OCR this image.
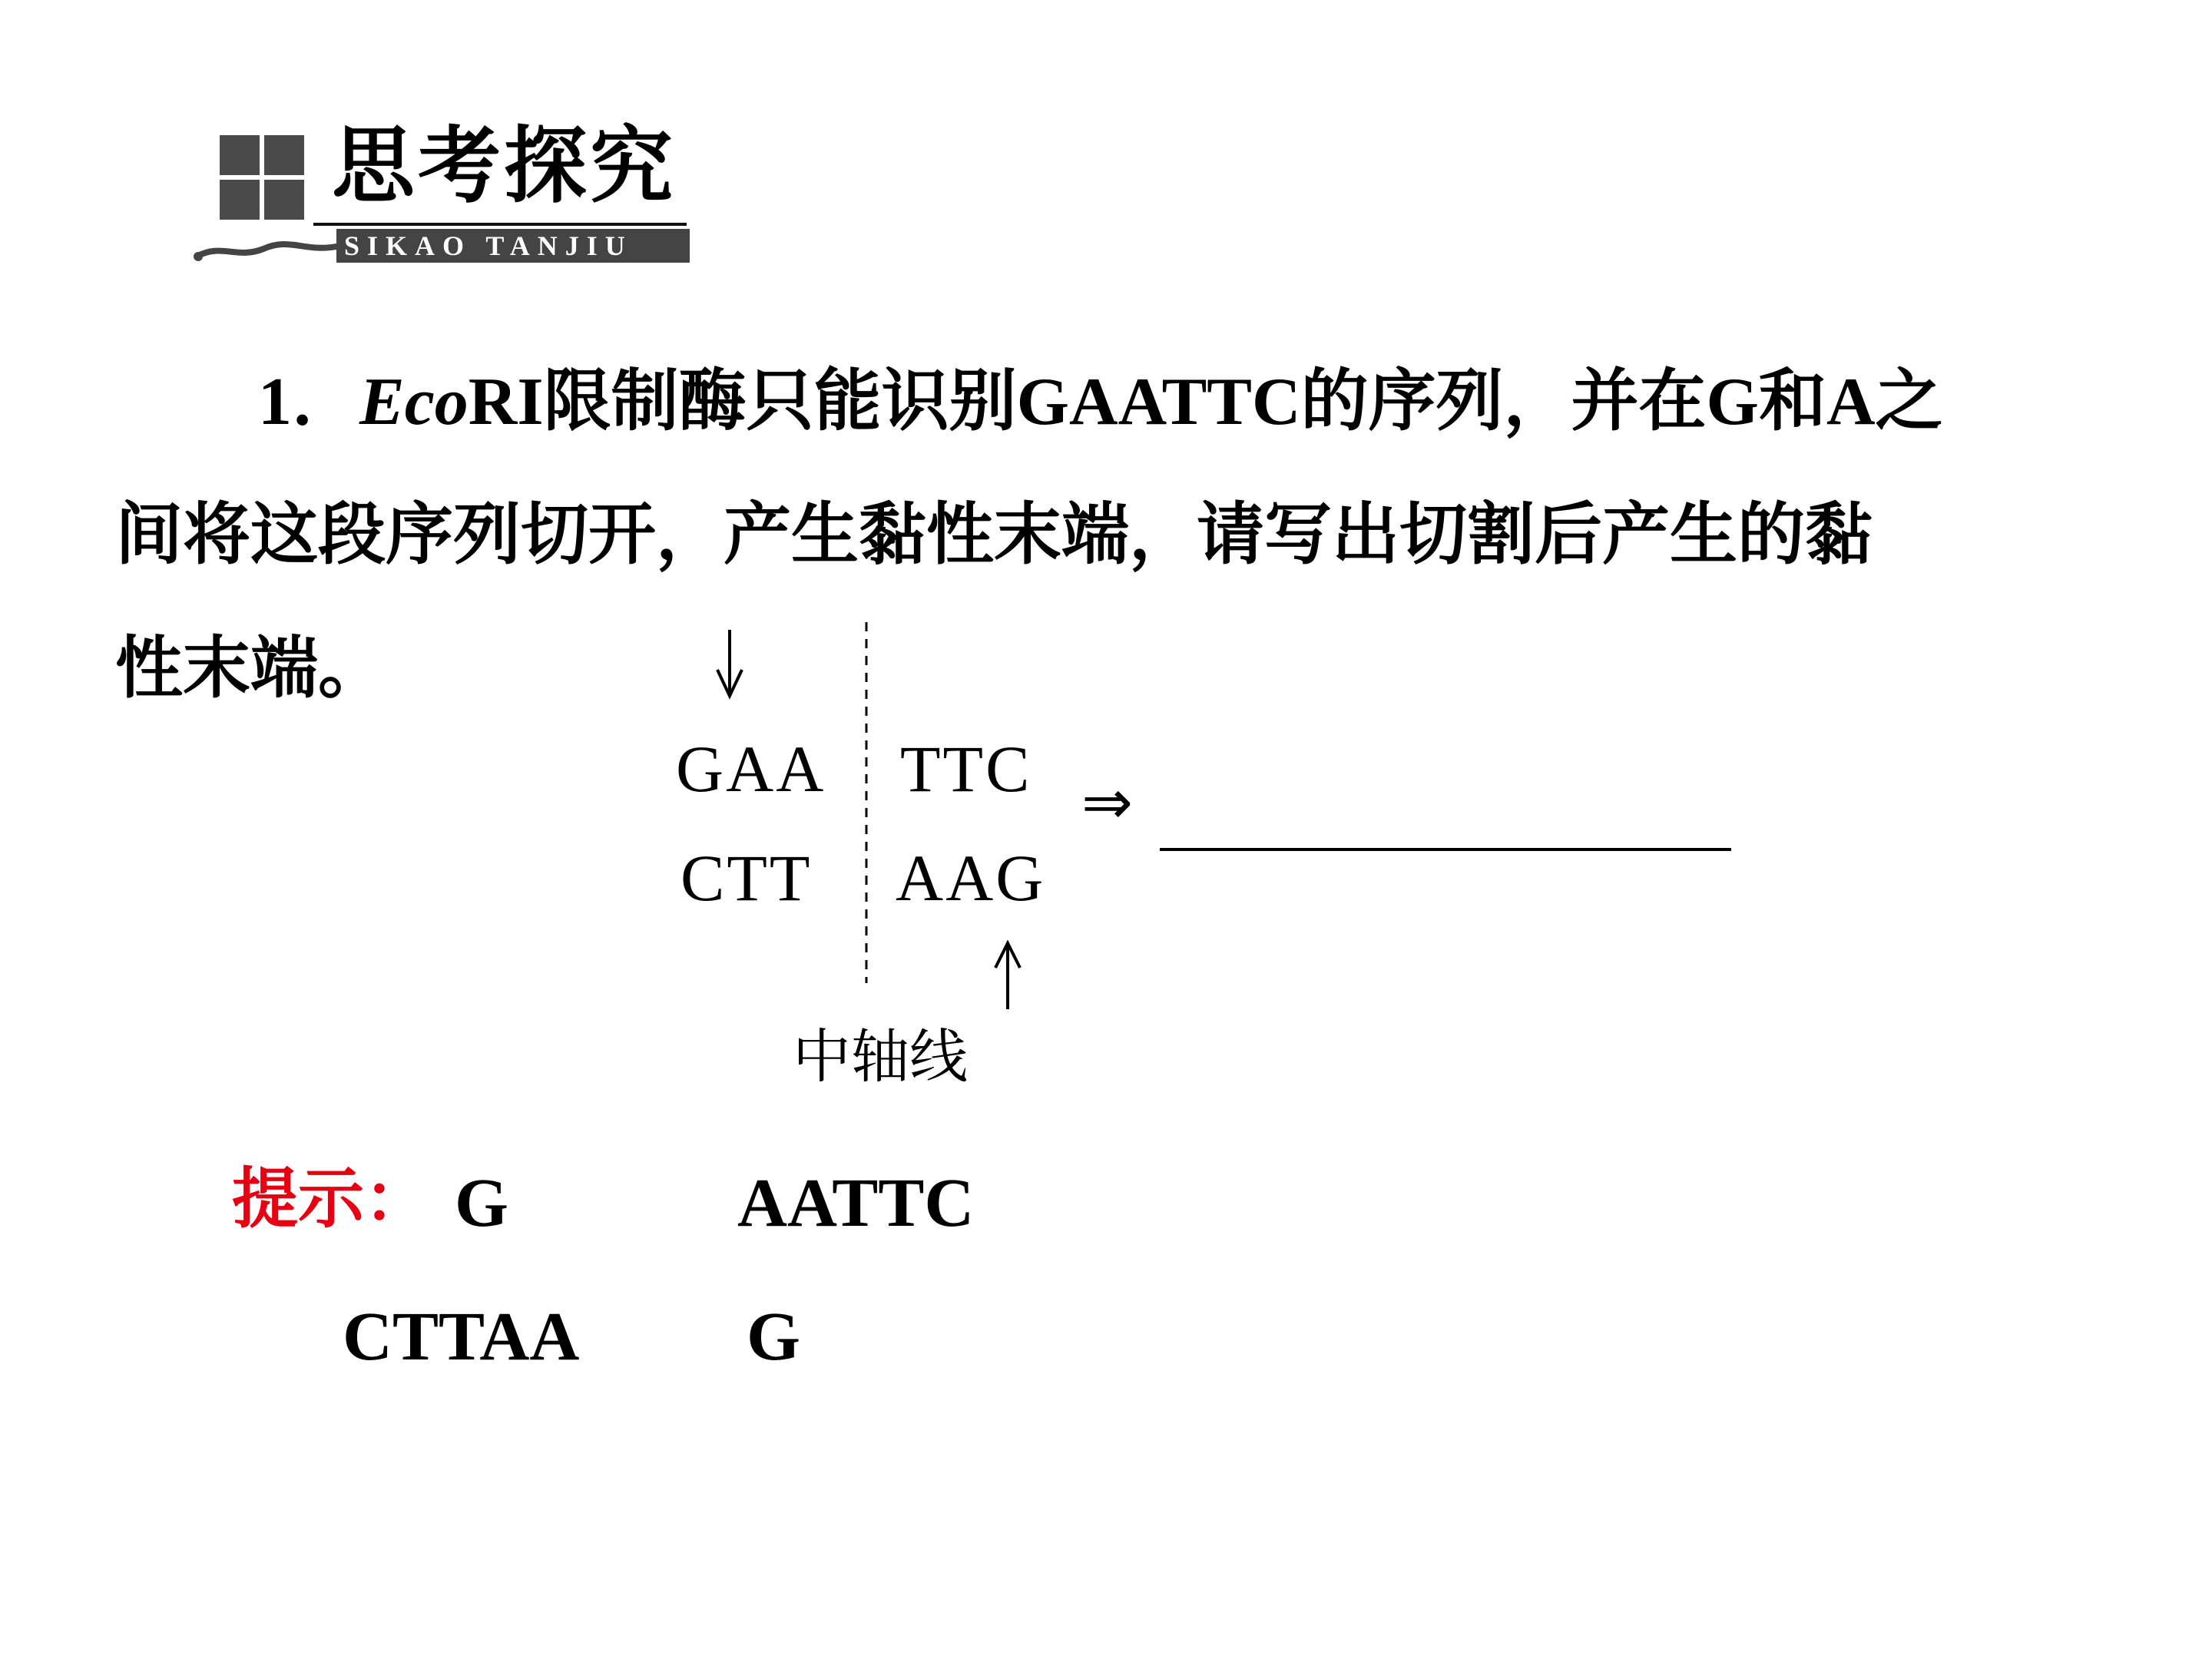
思考探究
SIKAO TANJIU
1．EcoRI限制酶只能识别GAATTC的序列，并在G和A之
间将这段序列切开，产生黏性末端，请写出切割后产生的黏
性末端。
GAA TTC
CTT AAG
⇒
中轴线
提示： G	AATTC
CTTAA G
